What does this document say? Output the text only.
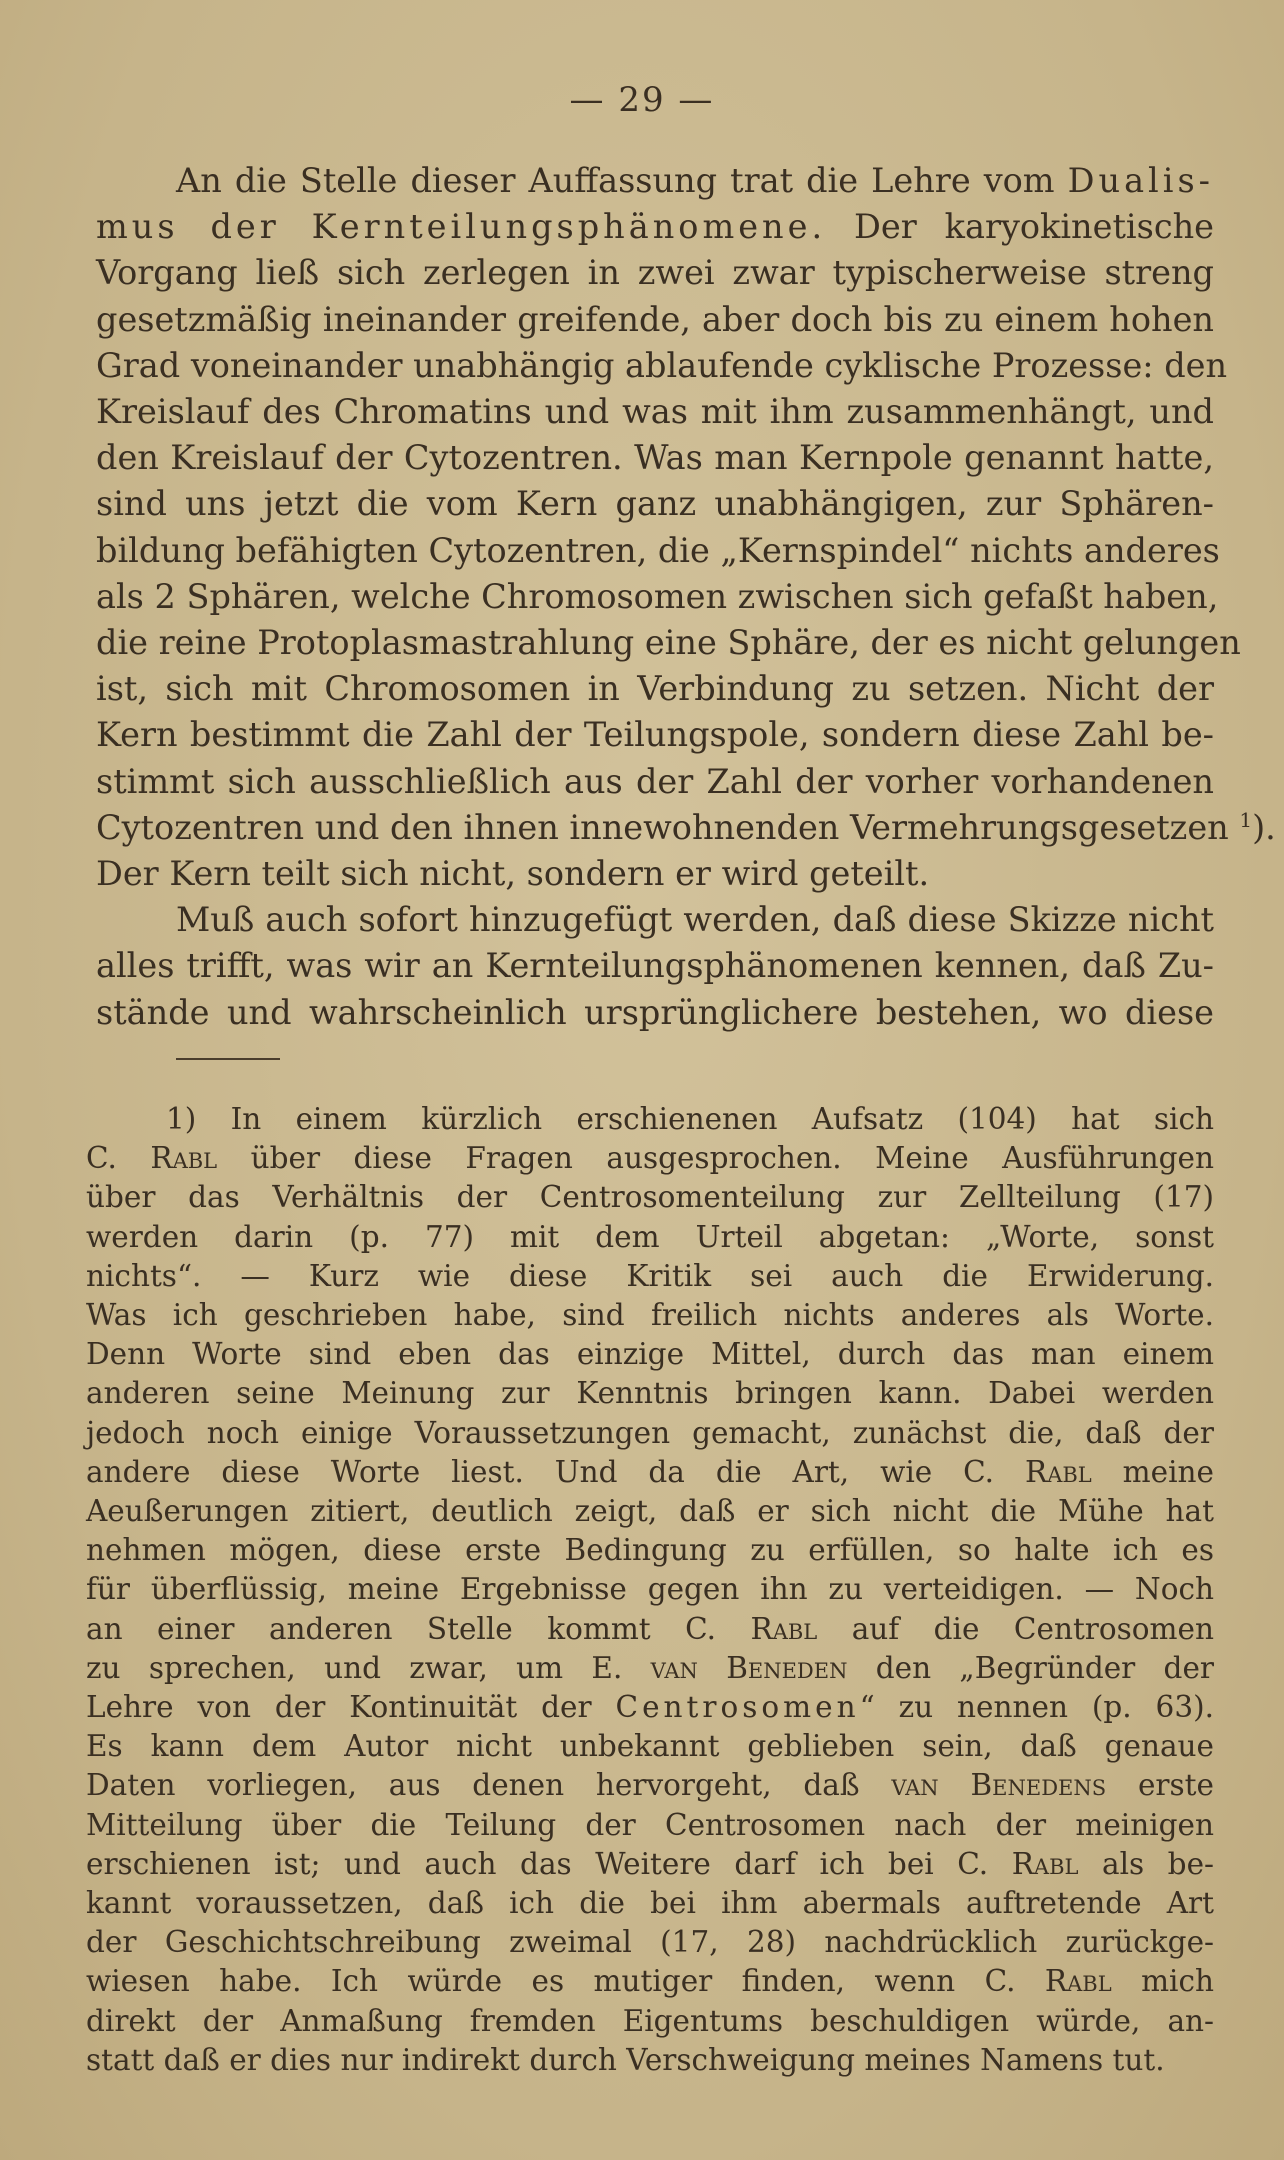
— 29 —
An die Stelle dieser Auffassung trat die Lehre vom Dualis-
mus der Kernteilungsphänomene. Der karyokinetische
Vorgang ließ sich zerlegen in zwei zwar typischerweise streng
gesetzmäßig ineinander greifende, aber doch bis zu einem hohen
Grad voneinander unabhängig ablaufende cyklische Prozesse: den
Kreislauf des Chromatins und was mit ihm zusammenhängt, und
den Kreislauf der Cytozentren. Was man Kernpole genannt hatte,
sind uns jetzt die vom Kern ganz unabhängigen, zur Sphären-
bildung befähigten Cytozentren, die „Kernspindel“ nichts anderes
als 2 Sphären, welche Chromosomen zwischen sich gefaßt haben,
die reine Protoplasmastrahlung eine Sphäre, der es nicht gelungen
ist, sich mit Chromosomen in Verbindung zu setzen. Nicht der
Kern bestimmt die Zahl der Teilungspole, sondern diese Zahl be-
stimmt sich ausschließlich aus der Zahl der vorher vorhandenen
Cytozentren und den ihnen innewohnenden Vermehrungsgesetzen $^1$).
Der Kern teilt sich nicht, sondern er wird geteilt.
Muß auch sofort hinzugefügt werden, daß diese Skizze nicht
alles trifft, was wir an Kernteilungsphänomenen kennen, daß Zu-
stände und wahrscheinlich ursprünglichere bestehen, wo diese
1) In einem kürzlich erschienenen Aufsatz (104) hat sich
C. Rabl über diese Fragen ausgesprochen. Meine Ausführungen
über das Verhältnis der Centrosomenteilung zur Zellteilung (17)
werden darin (p. 77) mit dem Urteil abgetan: „Worte, sonst
nichts“. — Kurz wie diese Kritik sei auch die Erwiderung.
Was ich geschrieben habe, sind freilich nichts anderes als Worte.
Denn Worte sind eben das einzige Mittel, durch das man einem
anderen seine Meinung zur Kenntnis bringen kann. Dabei werden
jedoch noch einige Voraussetzungen gemacht, zunächst die, daß der
andere diese Worte liest. Und da die Art, wie C. Rabl meine
Aeußerungen zitiert, deutlich zeigt, daß er sich nicht die Mühe hat
nehmen mögen, diese erste Bedingung zu erfüllen, so halte ich es
für überflüssig, meine Ergebnisse gegen ihn zu verteidigen. — Noch
an einer anderen Stelle kommt C. Rabl auf die Centrosomen
zu sprechen, und zwar, um E. van Beneden den „Begründer der
Lehre von der Kontinuität der Centrosomen“ zu nennen (p. 63).
Es kann dem Autor nicht unbekannt geblieben sein, daß genaue
Daten vorliegen, aus denen hervorgeht, daß van Benedens erste
Mitteilung über die Teilung der Centrosomen nach der meinigen
erschienen ist; und auch das Weitere darf ich bei C. Rabl als be-
kannt voraussetzen, daß ich die bei ihm abermals auftretende Art
der Geschichtschreibung zweimal (17, 28) nachdrücklich zurückge-
wiesen habe. Ich würde es mutiger finden, wenn C. Rabl mich
direkt der Anmaßung fremden Eigentums beschuldigen würde, an-
statt daß er dies nur indirekt durch Verschweigung meines Namens tut.
